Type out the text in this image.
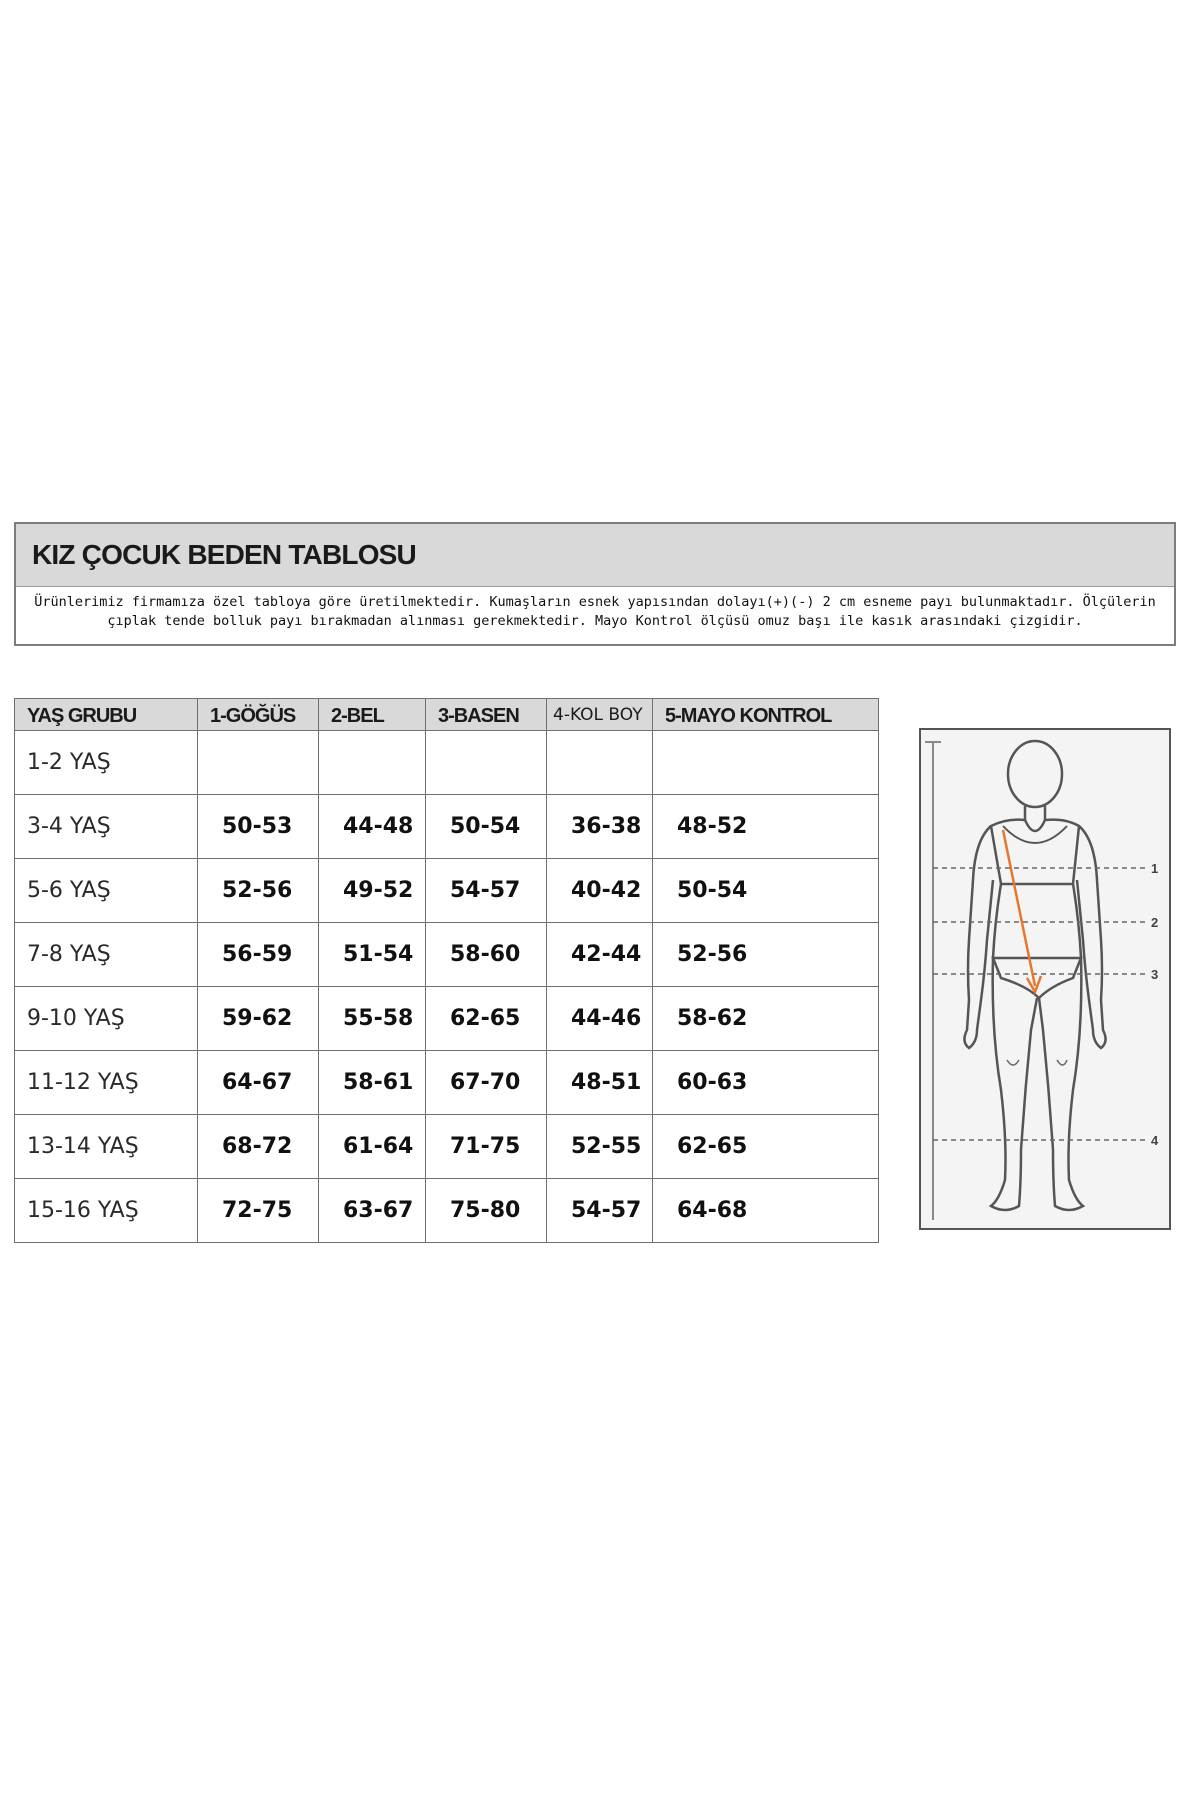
KIZ ÇOCUK BEDEN TABLOSU
Ürünlerimiz firmamıza özel tabloya göre üretilmektedir. Kumaşların esnek yapısından dolayı(+)(-) 2 cm esneme payı bulunmaktadır. Ölçülerin
çıplak tende bolluk payı bırakmadan alınması gerekmektedir. Mayo Kontrol ölçüsü omuz başı ile kasık arasındaki çizgidir.
YAŞ GRUBU	1-GÖĞÜS	2-BEL	3-BASEN	4-KOL BOY	5-MAYO KONTROL
1-2 YAŞ					
3-4 YAŞ	50-53	44-48	50-54	36-38	48-52
5-6 YAŞ	52-56	49-52	54-57	40-42	50-54
7-8 YAŞ	56-59	51-54	58-60	42-44	52-56
9-10 YAŞ	59-62	55-58	62-65	44-46	58-62
11-12 YAŞ	64-67	58-61	67-70	48-51	60-63
13-14 YAŞ	68-72	61-64	71-75	52-55	62-65
15-16 YAŞ	72-75	63-67	75-80	54-57	64-68
1
2
3
4
